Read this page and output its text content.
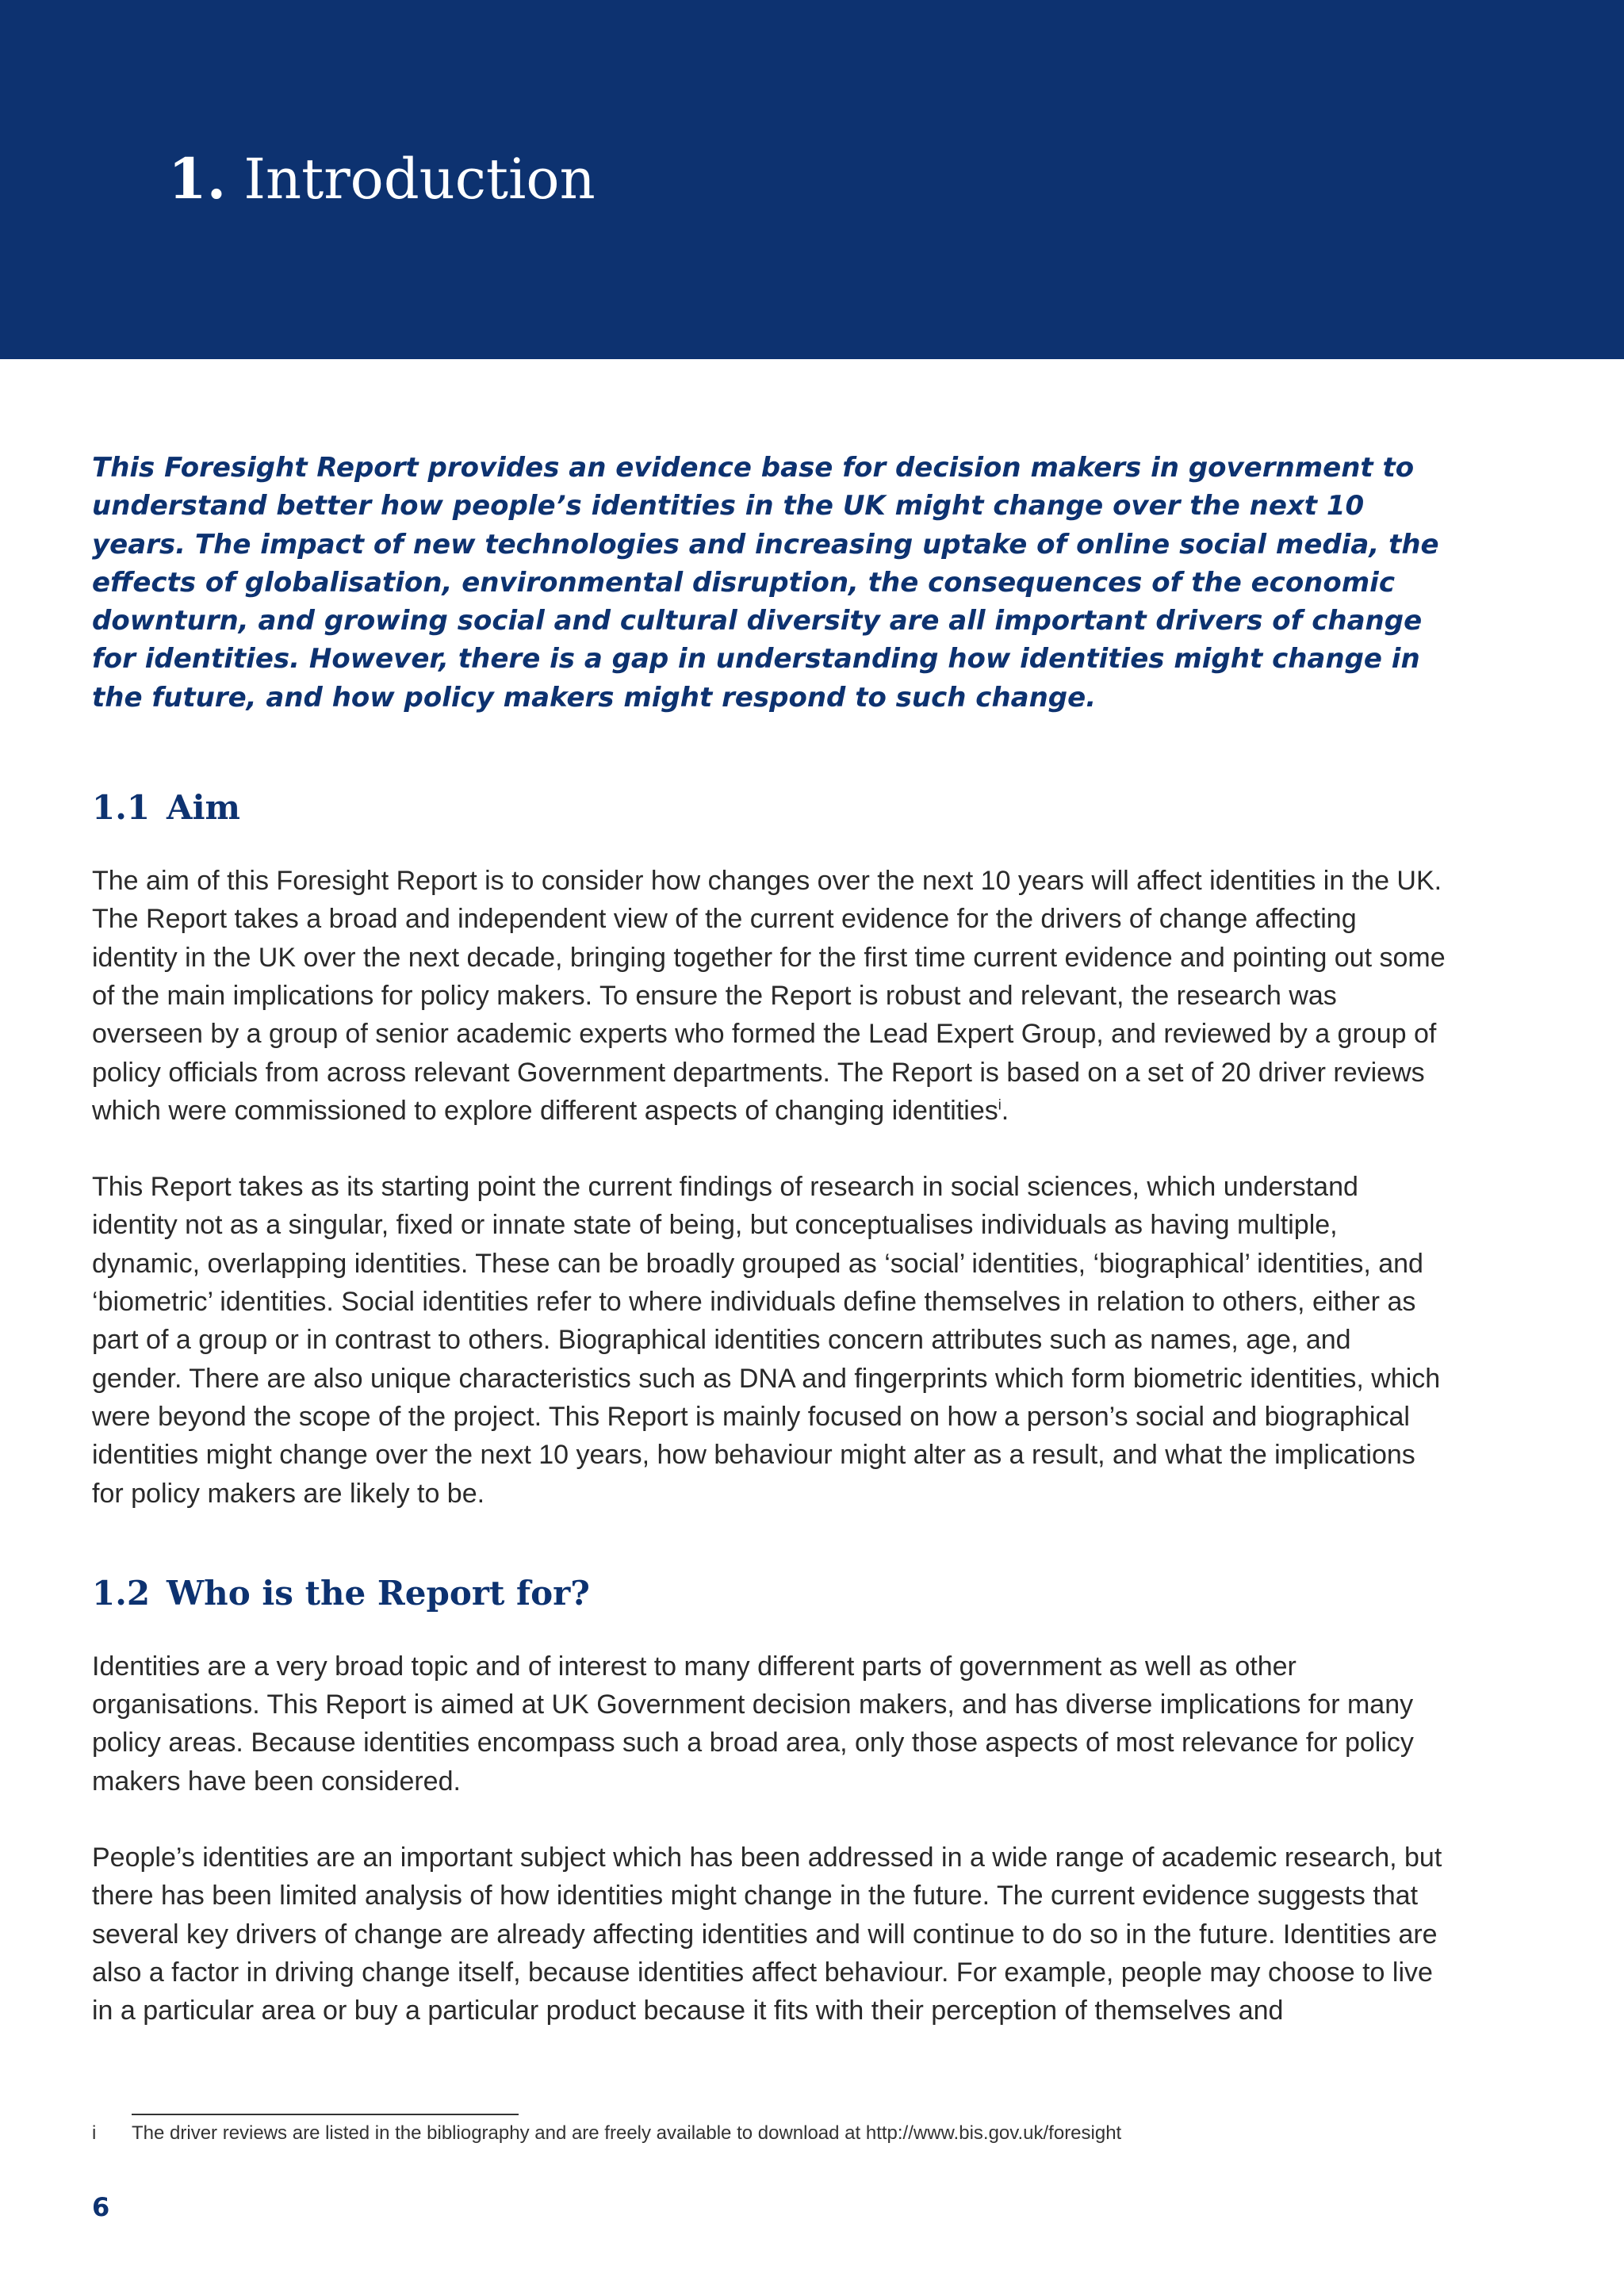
1. Introduction

This Foresight Report provides an evidence base for decision makers in government to understand better how people’s identities in the UK might change over the next 10 years. The impact of new technologies and increasing uptake of online social media, the effects of globalisation, environmental disruption, the consequences of the economic downturn, and growing social and cultural diversity are all important drivers of change for identities. However, there is a gap in understanding how identities might change in the future, and how policy makers might respond to such change.

1.1 Aim

The aim of this Foresight Report is to consider how changes over the next 10 years will affect identities in the UK. The Report takes a broad and independent view of the current evidence for the drivers of change affecting identity in the UK over the next decade, bringing together for the first time current evidence and pointing out some of the main implications for policy makers. To ensure the Report is robust and relevant, the research was overseen by a group of senior academic experts who formed the Lead Expert Group, and reviewed by a group of policy officials from across relevant Government departments. The Report is based on a set of 20 driver reviews which were commissioned to explore different aspects of changing identities$^i$.

This Report takes as its starting point the current findings of research in social sciences, which understand identity not as a singular, fixed or innate state of being, but conceptualises individuals as having multiple, dynamic, overlapping identities. These can be broadly grouped as ‘social’ identities, ‘biographical’ identities, and ‘biometric’ identities. Social identities refer to where individuals define themselves in relation to others, either as part of a group or in contrast to others. Biographical identities concern attributes such as names, age, and gender. There are also unique characteristics such as DNA and fingerprints which form biometric identities, which were beyond the scope of the project. This Report is mainly focused on how a person’s social and biographical identities might change over the next 10 years, how behaviour might alter as a result, and what the implications for policy makers are likely to be.

1.2 Who is the Report for?

Identities are a very broad topic and of interest to many different parts of government as well as other organisations. This Report is aimed at UK Government decision makers, and has diverse implications for many policy areas. Because identities encompass such a broad area, only those aspects of most relevance for policy makers have been considered.

People’s identities are an important subject which has been addressed in a wide range of academic research, but there has been limited analysis of how identities might change in the future. The current evidence suggests that several key drivers of change are already affecting identities and will continue to do so in the future. Identities are also a factor in driving change itself, because identities affect behaviour. For example, people may choose to live in a particular area or buy a particular product because it fits with their perception of themselves and

i The driver reviews are listed in the bibliography and are freely available to download at http://www.bis.gov.uk/foresight

6
